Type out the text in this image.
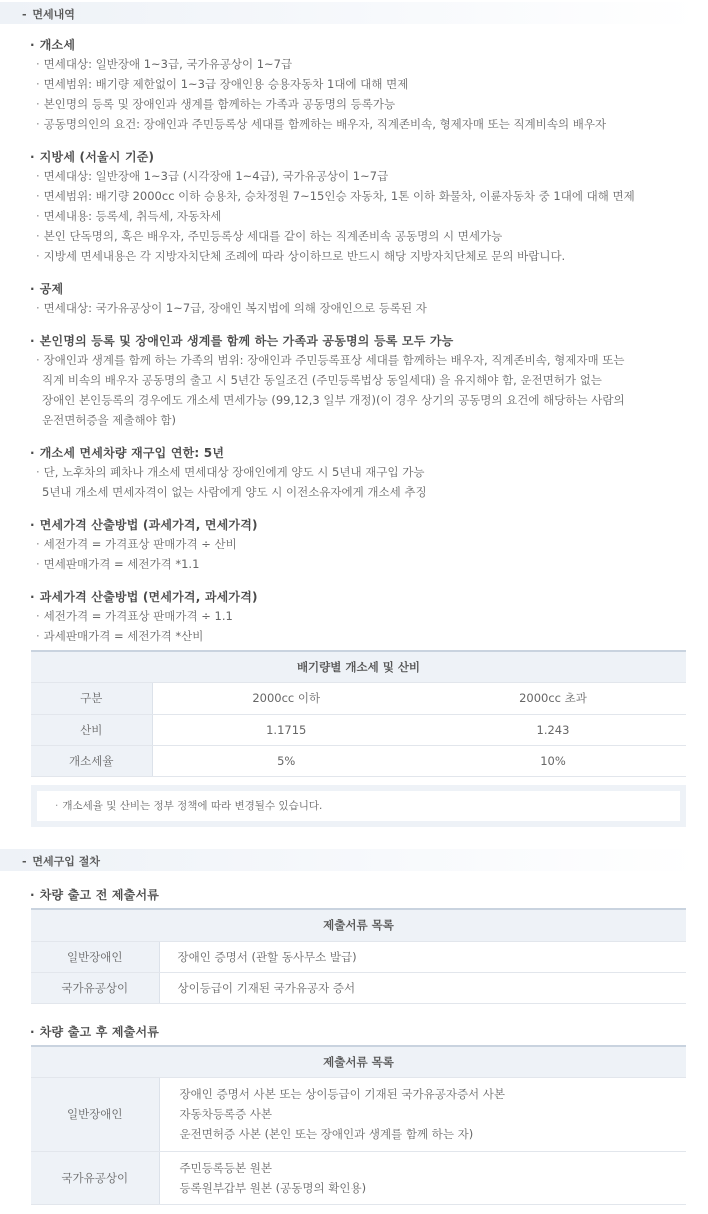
- 면세내역
· 개소세
· 면세대상: 일반장애 1~3급, 국가유공상이 1~7급
· 면세범위: 배기량 제한없이 1~3급 장애인용 승용자동차 1대에 대해 면제
· 본인명의 등록 및 장애인과 생계를 함께하는 가족과 공동명의 등록가능
· 공동명의인의 요건: 장애인과 주민등록상 세대를 함께하는 배우자, 직계존비속, 형제자매 또는 직계비속의 배우자
· 지방세 (서울시 기준)
· 면세대상: 일반장애 1~3급 (시각장애 1~4급), 국가유공상이 1~7급
· 면세범위: 배기량 2000cc 이하 승용차, 승차정원 7~15인승 자동차, 1톤 이하 화물차, 이륜자동차 중 1대에 대해 면제
· 면세내용: 등록세, 취득세, 자동차세
· 본인 단독명의, 혹은 배우자, 주민등록상 세대를 같이 하는 직계존비속 공동명의 시 면세가능
· 지방세 면세내용은 각 지방자치단체 조례에 따라 상이하므로 반드시 해당 지방자치단체로 문의 바랍니다.
· 공제
· 면세대상: 국가유공상이 1~7급, 장애인 복지법에 의해 장애인으로 등록된 자
· 본인명의 등록 및 장애인과 생계를 함께 하는 가족과 공동명의 등록 모두 가능
· 장애인과 생계를 함께 하는 가족의 범위: 장애인과 주민등록표상 세대를 함께하는 배우자, 직계존비속, 형제자매 또는
직계 비속의 배우자 공동명의 출고 시 5년간 동일조건 (주민등록법상 동일세대) 을 유지해야 함, 운전면허가 없는
장애인 본인등록의 경우에도 개소세 면세가능 (99,12,3 일부 개정)(이 경우 상기의 공동명의 요건에 해당하는 사람의
운전면허증을 제출해야 함)
· 개소세 면세차량 재구입 연한: 5년
· 단, 노후차의 폐차나 개소세 면세대상 장애인에게 양도 시 5년내 재구입 가능
5년내 개소세 면세자격이 없는 사람에게 양도 시 이전소유자에게 개소세 추징
· 면세가격 산출방법 (과세가격, 면세가격)
· 세전가격 = 가격표상 판매가격 ÷ 산비
· 면세판매가격 = 세전가격 *1.1
· 과세가격 산출방법 (면세가격, 과세가격)
· 세전가격 = 가격표상 판매가격 ÷ 1.1
· 과세판매가격 = 세전가격 *산비
배기량별 개소세 및 산비		
구분	2000cc 이하	2000cc 초과
산비	1.1715	1.243
개소세율	5%	10%
· 개소세율 및 산비는 정부 정책에 따라 변경될수 있습니다.
- 면세구입 절차
· 차량 출고 전 제출서류
제출서류 목록	
일반장애인	장애인 증명서 (관할 동사무소 발급)
국가유공상이	상이등급이 기재된 국가유공자 증서
· 차량 출고 후 제출서류
제출서류 목록	
일반장애인	장애인 증명서 사본 또는 상이등급이 기재된 국가유공자증서 사본
자동차등록증 사본
운전면허증 사본 (본인 또는 장애인과 생계를 함께 하는 자)

국가유공상이	주민등록등본 원본
등록원부갑부 원본 (공동명의 확인용)
